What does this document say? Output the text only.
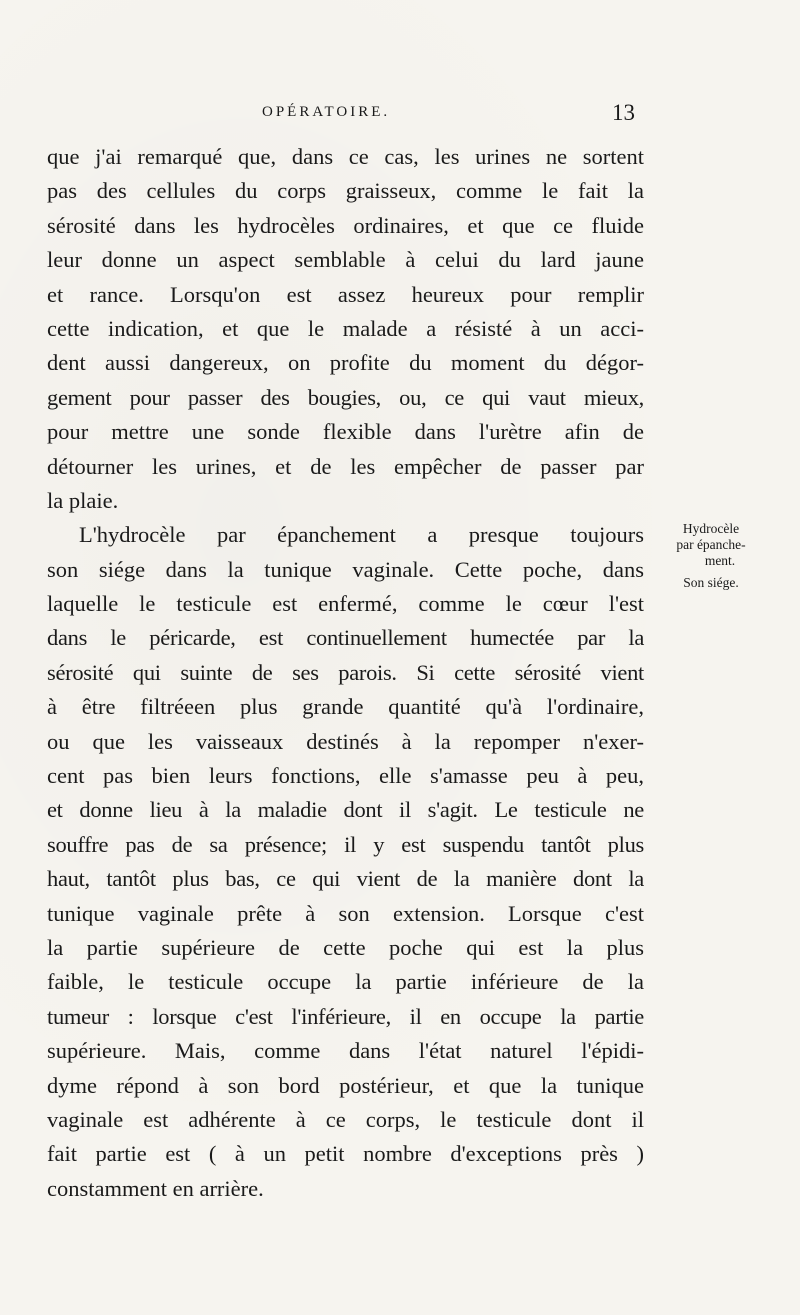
OPÉRATOIRE.	13
que j'ai remarqué que, dans ce cas, les urines ne sortent
pas des cellules du corps graisseux, comme le fait la
sérosité dans les hydrocèles ordinaires, et que ce fluide
leur donne un aspect semblable à celui du lard jaune
et rance. Lorsqu'on est assez heureux pour remplir
cette indication, et que le malade a résisté à un acci-
dent aussi dangereux, on profite du moment du dégor-
gement pour passer des bougies, ou, ce qui vaut mieux,
pour mettre une sonde flexible dans l'urètre afin de
détourner les urines, et de les empêcher de passer par
la plaie.
L'hydrocèle par épanchement a presque toujours
son siége dans la tunique vaginale. Cette poche, dans
laquelle le testicule est enfermé, comme le cœur l'est
dans le péricarde, est continuellement humectée par la
sérosité qui suinte de ses parois. Si cette sérosité vient
à être filtréeen plus grande quantité qu'à l'ordinaire,
ou que les vaisseaux destinés à la repomper n'exer-
cent pas bien leurs fonctions, elle s'amasse peu à peu,
et donne lieu à la maladie dont il s'agit. Le testicule ne
souffre pas de sa présence; il y est suspendu tantôt plus
haut, tantôt plus bas, ce qui vient de la manière dont la
tunique vaginale prête à son extension. Lorsque c'est
la partie supérieure de cette poche qui est la plus
faible, le testicule occupe la partie inférieure de la
tumeur : lorsque c'est l'inférieure, il en occupe la partie
supérieure. Mais, comme dans l'état naturel l'épidi-
dyme répond à son bord postérieur, et que la tunique
vaginale est adhérente à ce corps, le testicule dont il
fait partie est ( à un petit nombre d'exceptions près )
constamment en arrière.
Hydrocèle
par épanche-
ment.
Son siége.
